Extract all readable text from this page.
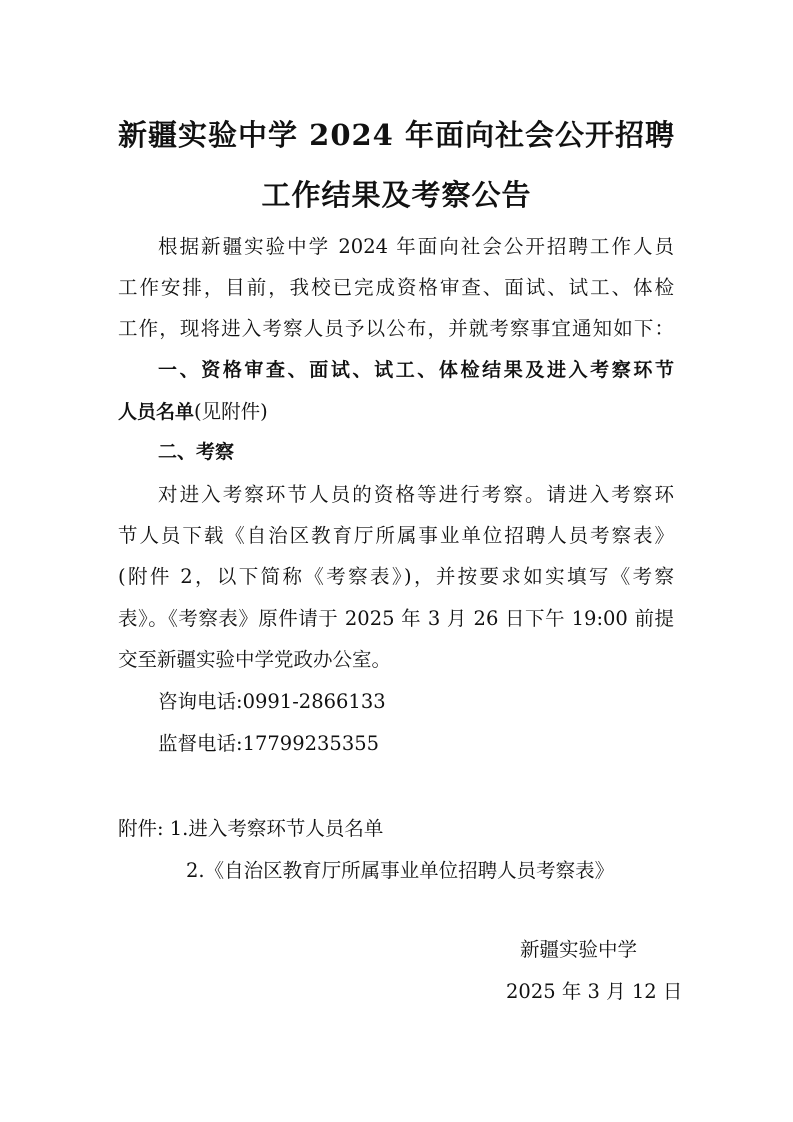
新疆实验中学 2024 年面向社会公开招聘
工作结果及考察公告
根据新疆实验中学 2024 年面向社会公开招聘工作人员
工作安排，目前，我校已完成资格审查、面试、试工、体检
工作，现将进入考察人员予以公布，并就考察事宜通知如下：
一、资格审查、面试、试工、体检结果及进入考察环节
人员名单(见附件)
二、考察
对进入考察环节人员的资格等进行考察。请进入考察环
节人员下载《自治区教育厅所属事业单位招聘人员考察表》
(附件 2，以下简称《考察表》)，并按要求如实填写《考察
表》。《考察表》原件请于 2025 年 3 月 26 日下午 19:00 前提
交至新疆实验中学党政办公室。
咨询电话:0991-2866133
监督电话:17799235355
附件: 1.进入考察环节人员名单
2.《自治区教育厅所属事业单位招聘人员考察表》
新疆实验中学
2025 年 3 月 12 日
